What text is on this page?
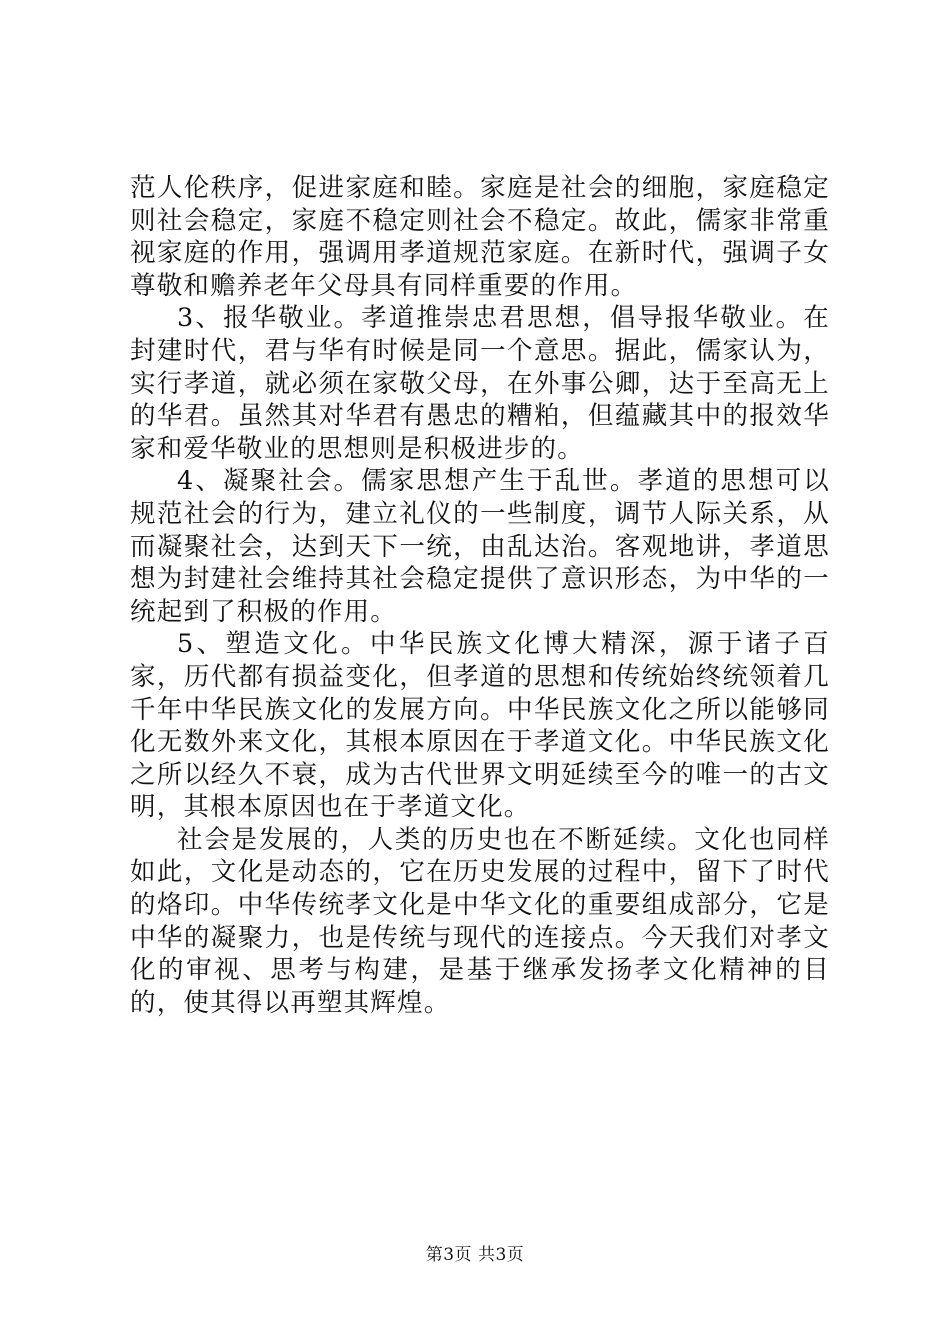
范人伦秩序，促进家庭和睦。家庭是社会的细胞，家庭稳定则社会稳定，家庭不稳定则社会不稳定。故此，儒家非常重视家庭的作用，强调用孝道规范家庭。在新时代，强调子女尊敬和赡养老年父母具有同样重要的作用。

3、报华敬业。孝道推崇忠君思想，倡导报华敬业。在封建时代，君与华有时候是同一个意思。据此，儒家认为，实行孝道，就必须在家敬父母，在外事公卿，达于至高无上的华君。虽然其对华君有愚忠的糟粕，但蕴藏其中的报效华家和爱华敬业的思想则是积极进步的。

4、凝聚社会。儒家思想产生于乱世。孝道的思想可以规范社会的行为，建立礼仪的一些制度，调节人际关系，从而凝聚社会，达到天下一统，由乱达治。客观地讲，孝道思想为封建社会维持其社会稳定提供了意识形态，为中华的一统起到了积极的作用。

5、塑造文化。中华民族文化博大精深，源于诸子百家，历代都有损益变化，但孝道的思想和传统始终统领着几千年中华民族文化的发展方向。中华民族文化之所以能够同化无数外来文化，其根本原因在于孝道文化。中华民族文化之所以经久不衰，成为古代世界文明延续至今的唯一的古文明，其根本原因也在于孝道文化。

社会是发展的，人类的历史也在不断延续。文化也同样如此，文化是动态的，它在历史发展的过程中，留下了时代的烙印。中华传统孝文化是中华文化的重要组成部分，它是中华的凝聚力，也是传统与现代的连接点。今天我们对孝文化的审视、思考与构建，是基于继承发扬孝文化精神的目的，使其得以再塑其辉煌。

第3页 共3页
